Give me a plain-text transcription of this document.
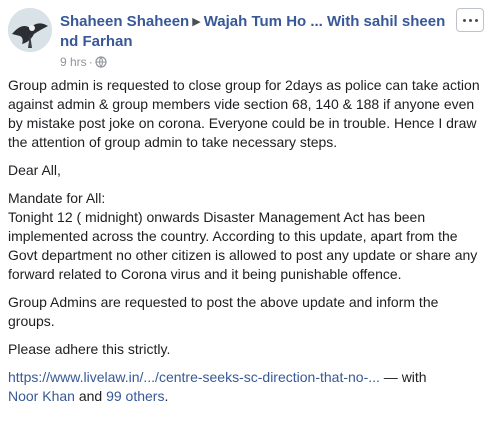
Shaheen Shaheen ▶ Wajah Tum Ho ... With sahil sheen nd Farhan
9 hrs ·

Group admin is requested to close group for 2days as police can take action against admin & group members vide section 68, 140 & 188 if anyone even by mistake post joke on corona. Everyone could be in trouble. Hence I draw the attention of group admin to take necessary steps.

Dear All,

Mandate for All:
Tonight 12 ( midnight) onwards Disaster Management Act has been implemented across the country. According to this update, apart from the Govt department no other citizen is allowed to post any update or share any forward related to Corona virus and it being punishable offence.

Group Admins are requested to post the above update and inform the groups.

Please adhere this strictly.

https://www.livelaw.in/.../centre-seeks-sc-direction-that-no-... — with
Noor Khan and 99 others.
